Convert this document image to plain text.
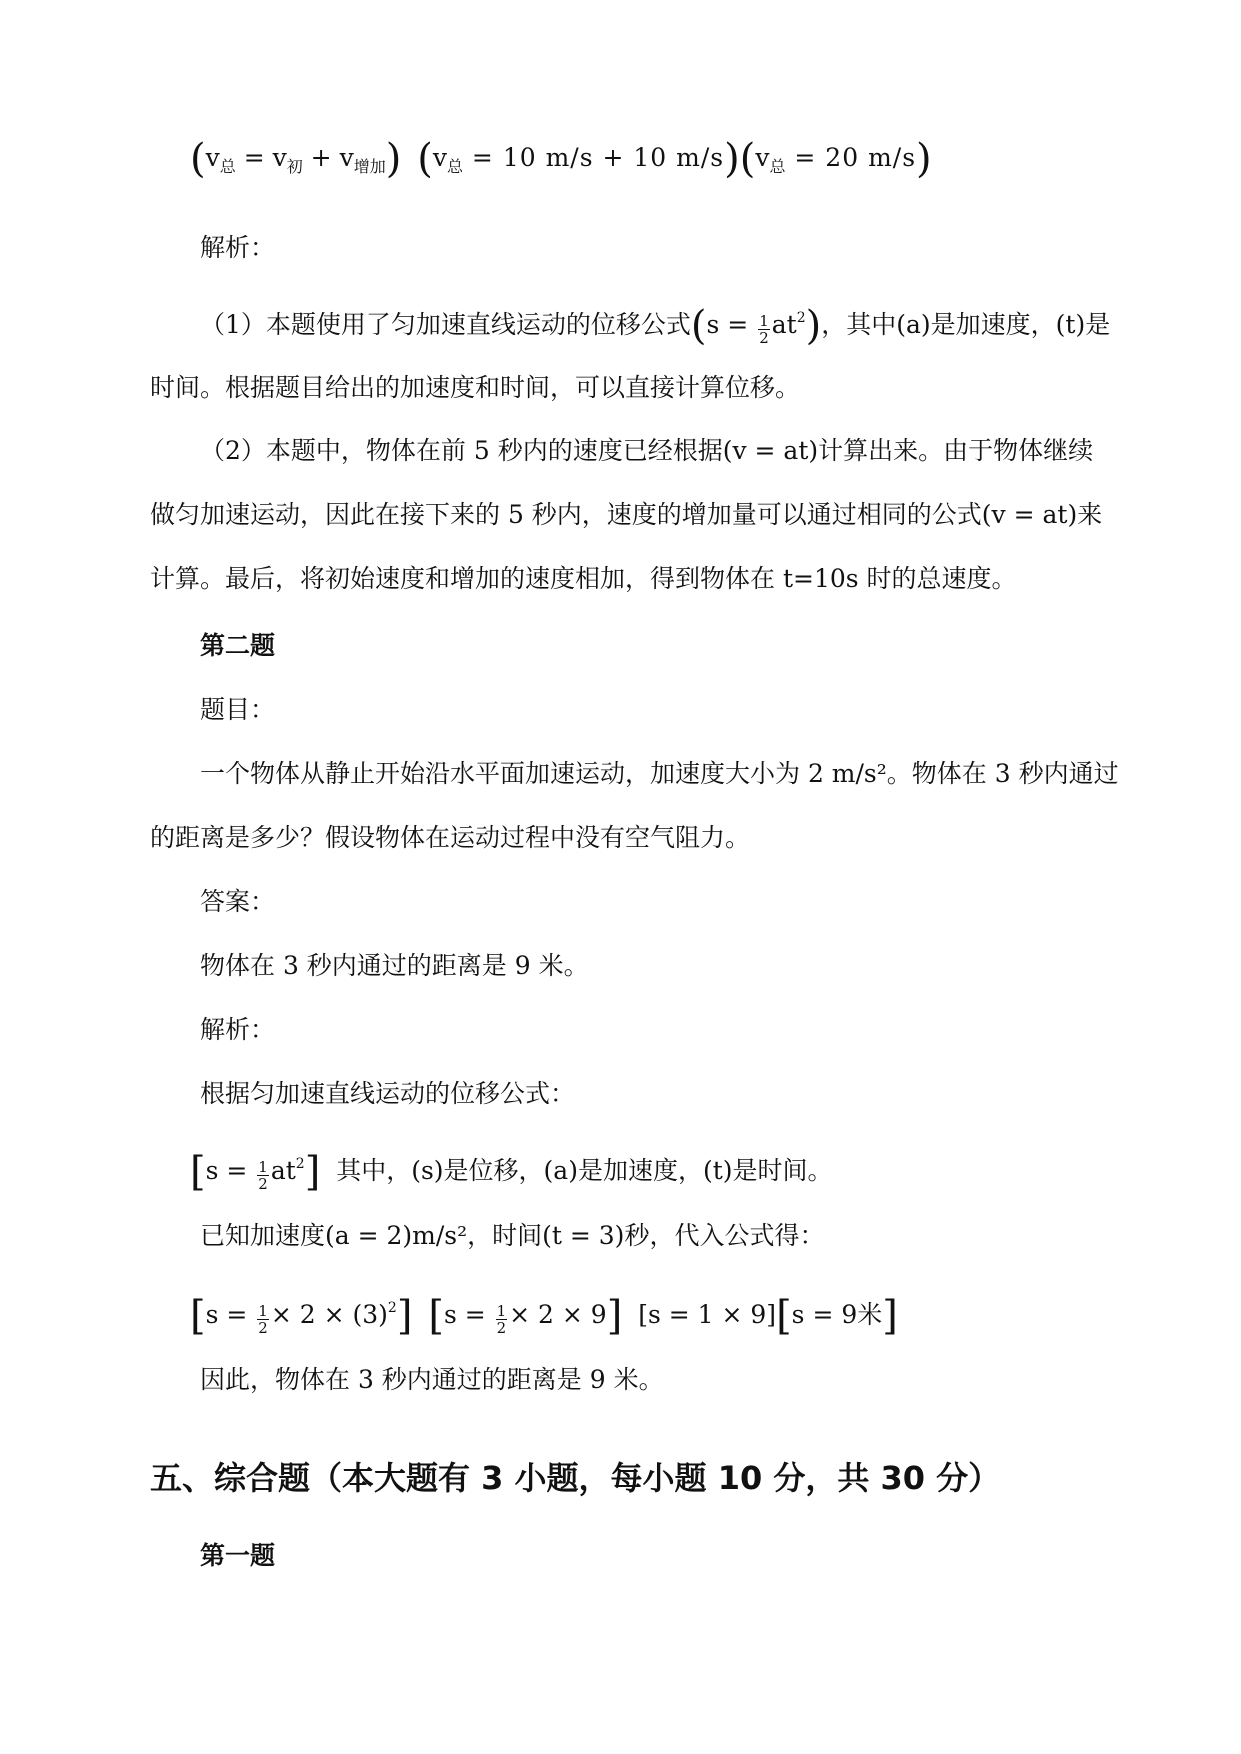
$(v_总 = v_初 + v_{增加}) (v_总 = 10$ m/s + 10 $m/s)(v_总 = 20$ m/s)
解析：
（1）本题使用了匀加速直线运动的位移公式$(s = \frac{1}{2} at^2)$，其中(a)是加速度，(t)是
时间。根据题目给出的加速度和时间，可以直接计算位移。
（2）本题中，物体在前 5 秒内的速度已经根据(v = at)计算出来。由于物体继续
做匀加速运动，因此在接下来的 5 秒内，速度的增加量可以通过相同的公式(v = at)来
计算。最后，将初始速度和增加的速度相加，得到物体在 t=10s 时的总速度。
第二题
题目：
一个物体从静止开始沿水平面加速运动，加速度大小为 2 m/s²。物体在 3 秒内通过
的距离是多少？假设物体在运动过程中没有空气阻力。
答案：
物体在 3 秒内通过的距离是 9 米。
解析：
根据匀加速直线运动的位移公式：
$[s = \frac{1}{2} at^2]$ 其中，(s)是位移，(a)是加速度，(t)是时间。
已知加速度(a = 2)m/s²，时间(t = 3)秒，代入公式得：
$[s = \frac{1}{2} \times 2 \times (3)^2]$ $[s = \frac{1}{2} \times 2 \times 9]$ [s = 1 × 9][s = 9米]
因此，物体在 3 秒内通过的距离是 9 米。
五、综合题（本大题有 3 小题，每小题 10 分，共 30 分）
第一题
